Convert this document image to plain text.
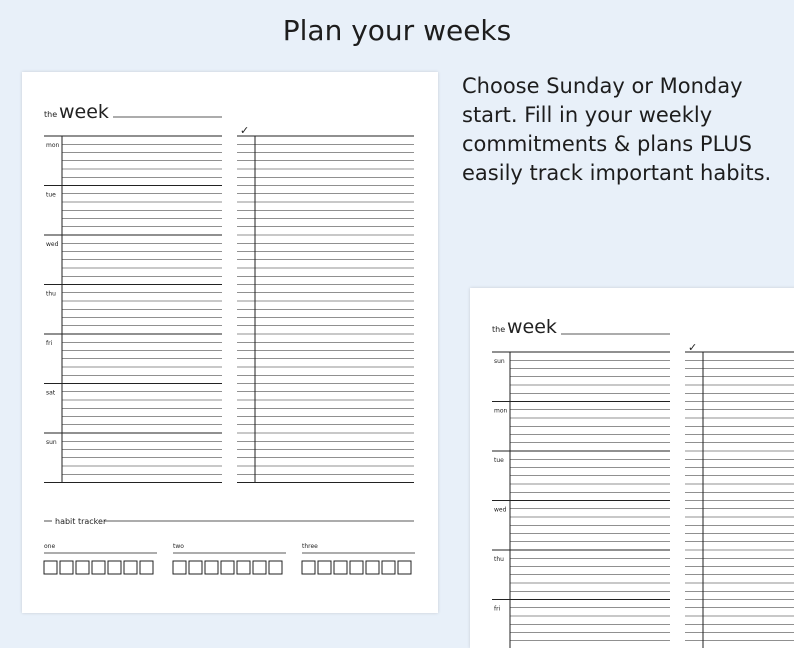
Plan your weeks
Choose Sunday or Monday start. Fill in your weekly commitments & plans PLUS easily track important habits.
the week
✓
mon
tue
wed
thu
fri
sat
sun
habit tracker
one	two	three
the week
✓
sun
mon
tue
wed
thu
fri
